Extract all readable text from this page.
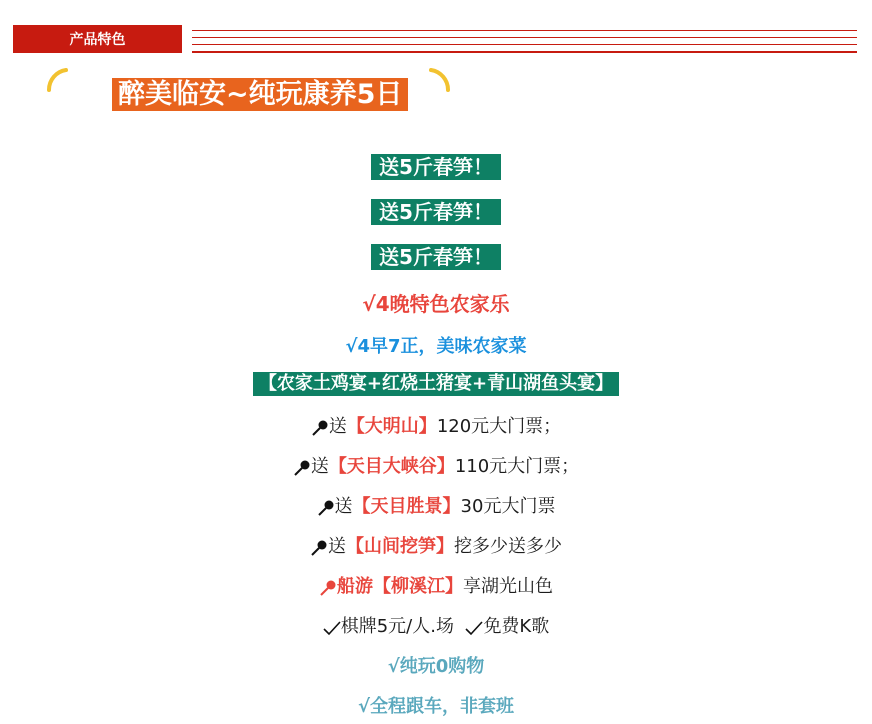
产品特色
醉美临安~纯玩康养5日
送5斤春笋！
送5斤春笋！
送5斤春笋！
√4晚特色农家乐
√4早7正，美味农家菜
【农家土鸡宴+红烧土猪宴+青山湖鱼头宴】
送【大明山】120元大门票；
送【天目大峡谷】110元大门票；
送【天目胜景】30元大门票
送【山间挖笋】挖多少送多少
船游【柳溪江】享湖光山色
棋牌5元/人.场 免费K歌
√纯玩0购物
√全程跟车，非套班
